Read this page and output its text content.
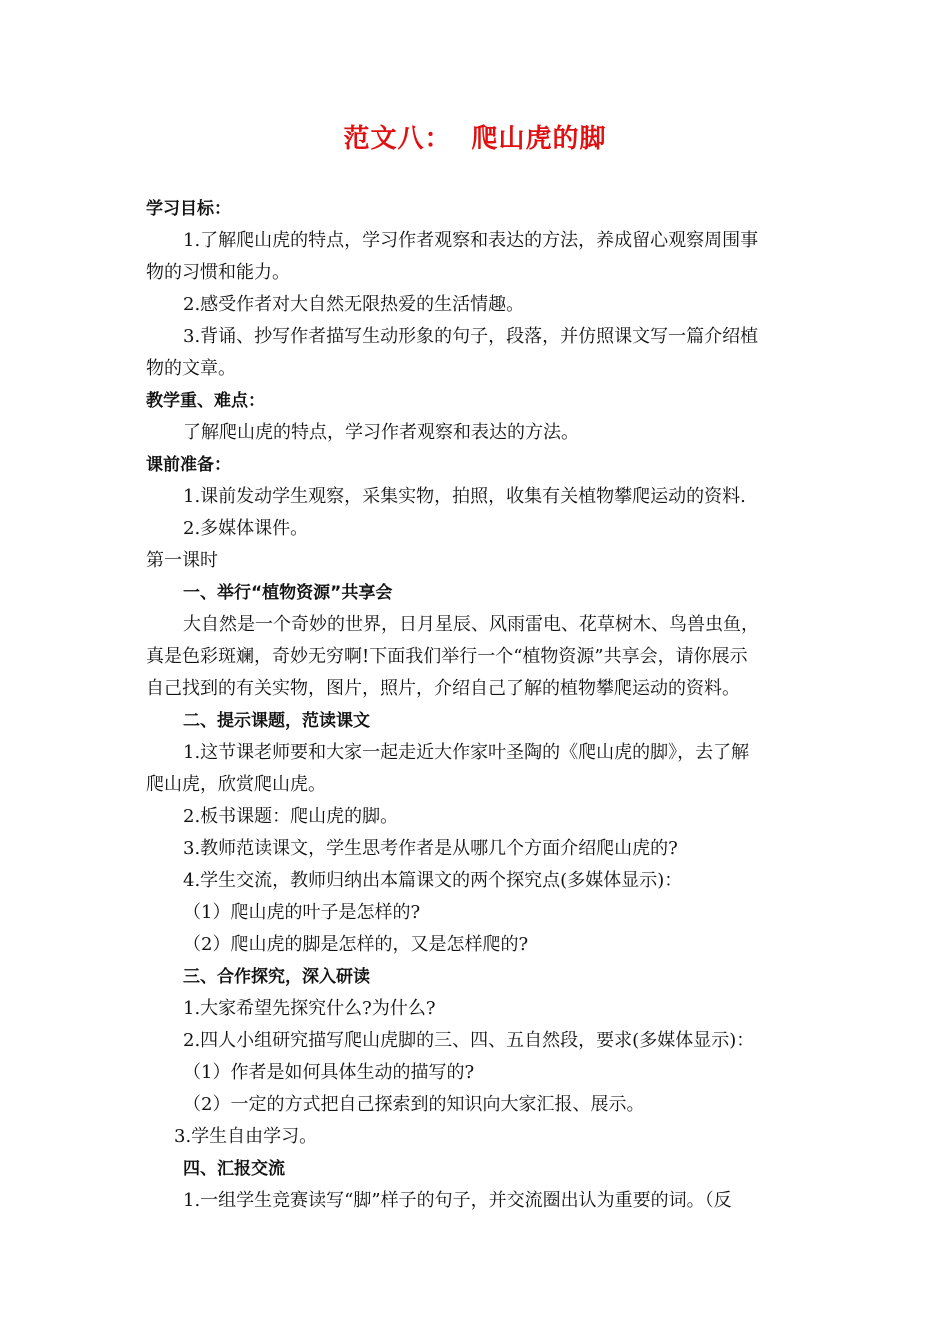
范文八：  爬山虎的脚
学习目标：
1.了解爬山虎的特点，学习作者观察和表达的方法，养成留心观察周围事
物的习惯和能力。
2.感受作者对大自然无限热爱的生活情趣。
3.背诵、抄写作者描写生动形象的句子，段落，并仿照课文写一篇介绍植
物的文章。
教学重、难点：
了解爬山虎的特点，学习作者观察和表达的方法。
课前准备：
1.课前发动学生观察，采集实物，拍照，收集有关植物攀爬运动的资料.
2.多媒体课件。
第一课时
一、举行“植物资源”共享会
大自然是一个奇妙的世界，日月星辰、风雨雷电、花草树木、鸟兽虫鱼，
真是色彩斑斓，奇妙无穷啊!下面我们举行一个“植物资源”共享会，请你展示
自己找到的有关实物，图片，照片，介绍自己了解的植物攀爬运动的资料。
二、提示课题，范读课文
1.这节课老师要和大家一起走近大作家叶圣陶的《爬山虎的脚》，去了解
爬山虎，欣赏爬山虎。
2.板书课题：爬山虎的脚。
3.教师范读课文，学生思考作者是从哪几个方面介绍爬山虎的?
4.学生交流，教师归纳出本篇课文的两个探究点(多媒体显示)：
（1）爬山虎的叶子是怎样的?
（2）爬山虎的脚是怎样的，又是怎样爬的?
三、合作探究，深入研读
1.大家希望先探究什么?为什么?
2.四人小组研究描写爬山虎脚的三、四、五自然段，要求(多媒体显示)：
（1）作者是如何具体生动的描写的?
（2）一定的方式把自己探索到的知识向大家汇报、展示。
3.学生自由学习。
四、汇报交流
1.一组学生竞赛读写“脚”样子的句子，并交流圈出认为重要的词。（反
